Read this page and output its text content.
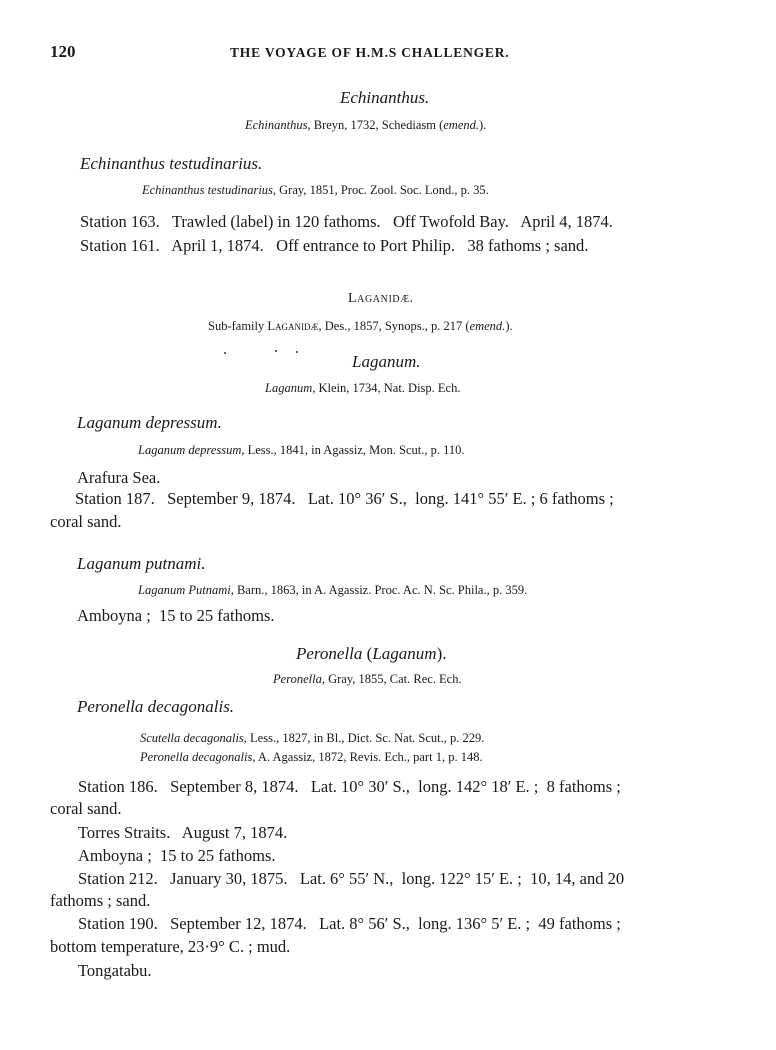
120	THE VOYAGE OF H.M.S CHALLENGER.
Echinanthus.
Echinanthus, Breyn, 1732, Schediasm (emend.).
Echinanthus testudinarius.
Echinanthus testudinarius, Gray, 1851, Proc. Zool. Soc. Lond., p. 35.
Station 163.   Trawled (label) in 120 fathoms.   Off Twofold Bay.   April 4, 1874.
Station 161.   April 1, 1874.   Off entrance to Port Philip.   38 fathoms ; sand.
Laganidæ.
Sub-family Laganidæ, Des., 1857, Synops., p. 217 (emend.).
Laganum.
Laganum, Klein, 1734, Nat. Disp. Ech.
Laganum depressum.
Laganum depressum, Less., 1841, in Agassiz, Mon. Scut., p. 110.
Arafura Sea.
Station 187.   September 9, 1874.   Lat. 10° 36′ S.,  long. 141° 55′ E. ; 6 fathoms ;
coral sand.
Laganum putnami.
Laganum Putnami, Barn., 1863, in A. Agassiz. Proc. Ac. N. Sc. Phila., p. 359.
Amboyna ;  15 to 25 fathoms.
Peronella (Laganum).
Peronella, Gray, 1855, Cat. Rec. Ech.
Peronella decagonalis.
Scutella decagonalis, Less., 1827, in Bl., Dict. Sc. Nat. Scut., p. 229.
Peronella decagonalis, A. Agassiz, 1872, Revis. Ech., part 1, p. 148.
Station 186.   September 8, 1874.   Lat. 10° 30′ S.,  long. 142° 18′ E. ;  8 fathoms ;
coral sand.
Torres Straits.   August 7, 1874.
Amboyna ;  15 to 25 fathoms.
Station 212.   January 30, 1875.   Lat. 6° 55′ N.,  long. 122° 15′ E. ;  10, 14, and 20
fathoms ; sand.
Station 190.   September 12, 1874.   Lat. 8° 56′ S.,  long. 136° 5′ E. ;  49 fathoms ;
bottom temperature, 23·9° C. ; mud.
Tongatabu.
